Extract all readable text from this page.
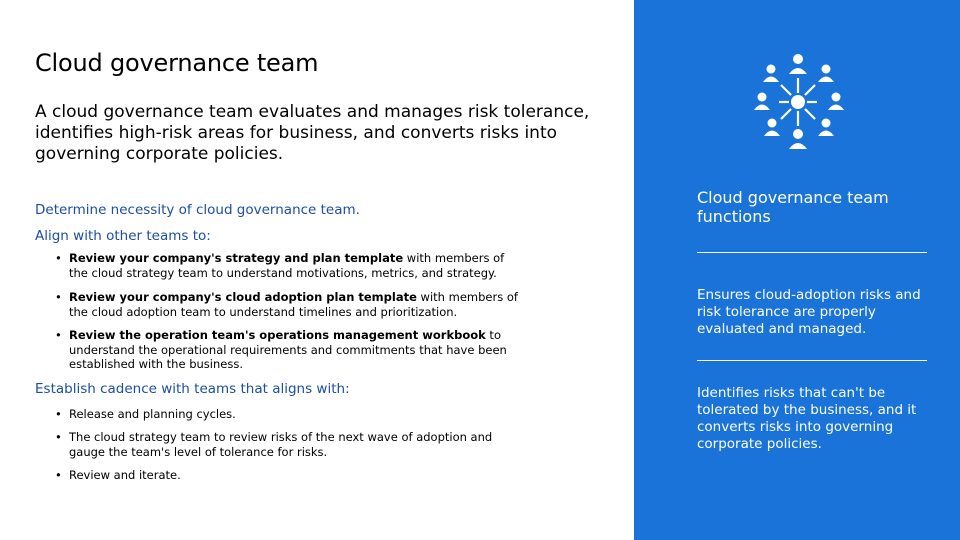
Cloud governance team

A cloud governance team evaluates and manages risk tolerance, identifies high-risk areas for business, and converts risks into governing corporate policies.

Determine necessity of cloud governance team.

Align with other teams to:

• Review your company's strategy and plan template with members of the cloud strategy team to understand motivations, metrics, and strategy.
• Review your company's cloud adoption plan template with members of the cloud adoption team to understand timelines and prioritization.
• Review the operation team's operations management workbook to understand the operational requirements and commitments that have been established with the business.

Establish cadence with teams that aligns with:

• Release and planning cycles.
• The cloud strategy team to review risks of the next wave of adoption and gauge the team's level of tolerance for risks.
• Review and iterate.

Cloud governance team functions

Ensures cloud-adoption risks and risk tolerance are properly evaluated and managed.

Identifies risks that can't be tolerated by the business, and it converts risks into governing corporate policies.
